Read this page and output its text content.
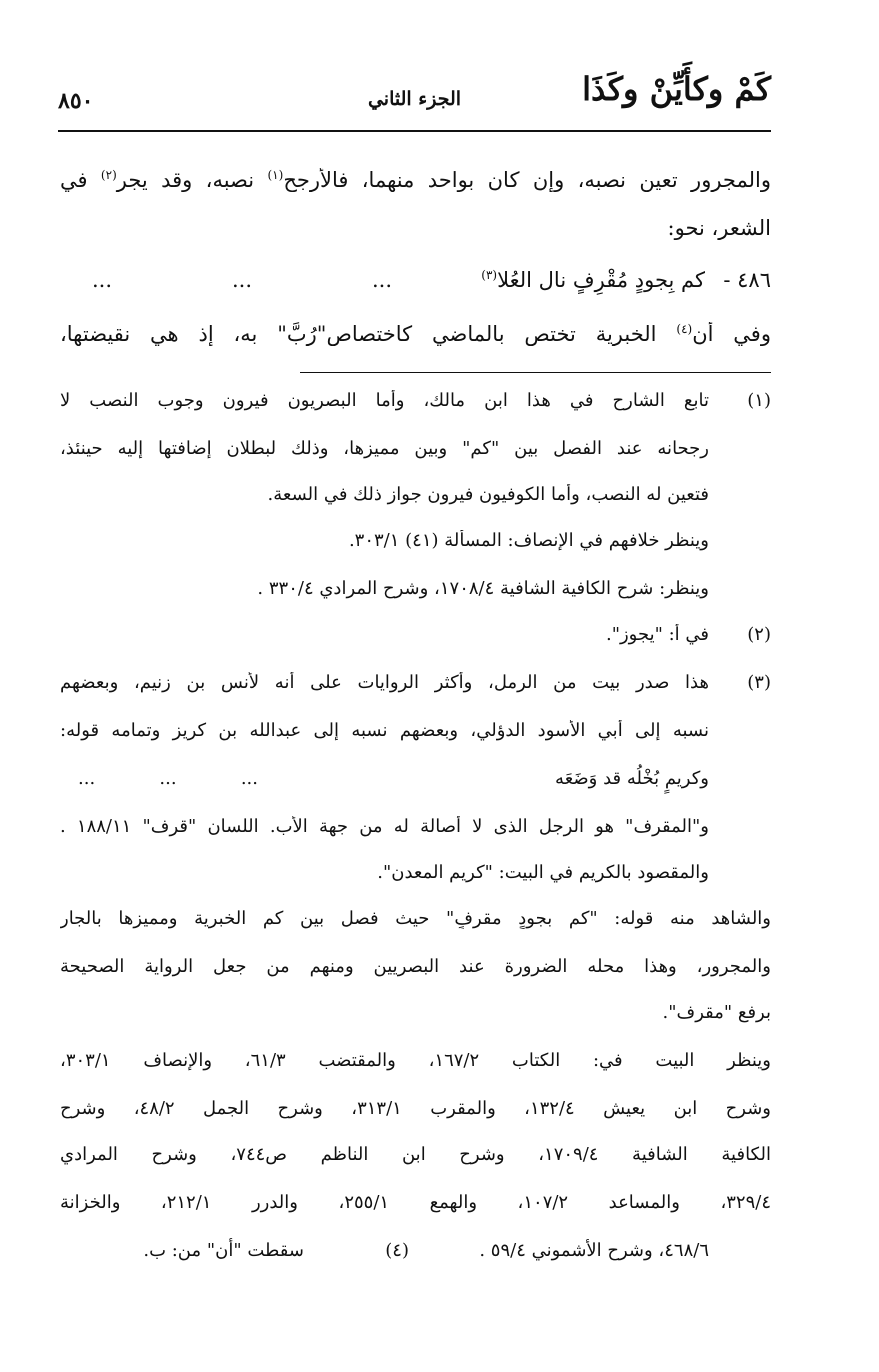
كَمْ وكأَيِّنْ وكَذَا
الجزء الثاني
٨٥٠
والمجرور تعين نصبه، وإن كان بواحد منهما، فالأرجح$^{(١)}$ نصبه، وقد يجر$^{(٢)}$ في
الشعر، نحو:
٤٨٦ -
كم بِجودٍ مُقْرِفٍ نال العُلا$^{(٣)}$
...	...	...
وفي أن$^{(٤)}$ الخبرية تختص بالماضي كاختصاص"رُبَّ" به، إذ هي نقيضتها،
(١)
تابع الشارح في هذا ابن مالك، وأما البصريون فيرون وجوب النصب لا
رجحانه عند الفصل بين "كم" وبين مميزها، وذلك لبطلان إضافتها إليه حينئذ،
فتعين له النصب، وأما الكوفيون فيرون جواز ذلك في السعة.
وينظر خلافهم في الإنصاف: المسألة (٤١) ٣٠٣/١.
وينظر: شرح الكافية الشافية ١٧٠٨/٤، وشرح المرادي ٣٣٠/٤ .
(٢)
في أ: "يجوز".
(٣)
هذا صدر بيت من الرمل، وأكثر الروايات على أنه لأنس بن زنيم، وبعضهم
نسبه إلى أبي الأسود الدؤلي، وبعضهم نسبه إلى عبدالله بن كريز وتمامه قوله:
...	...	...	وكريمٍ بُخْلُه قد وَضَعَه
و"المقرف" هو الرجل الذى لا أصالة له من جهة الأب. اللسان "قرف" ١٨٨/١١ .
والمقصود بالكريم في البيت: "كريم المعدن".
والشاهد منه قوله: "كم بجودٍ مقرفٍ" حيث فصل بين كم الخبرية ومميزها بالجار
والمجرور، وهذا محله الضرورة عند البصريين ومنهم من جعل الرواية الصحيحة
برفع "مقرف".
وينظر البيت في: الكتاب ١٦٧/٢، والمقتضب ٦١/٣، والإنصاف ٣٠٣/١،
وشرح ابن يعيش ١٣٢/٤، والمقرب ٣١٣/١، وشرح الجمل ٤٨/٢، وشرح
الكافية الشافية ١٧٠٩/٤، وشرح ابن الناظم ص٧٤٤، وشرح المرادي
٣٢٩/٤، والمساعد ١٠٧/٢، والهمع ٢٥٥/١، والدرر ٢١٢/١، والخزانة
٤٦٨/٦، وشرح الأشموني ٥٩/٤ .
(٤)
سقطت "أن" من: ب.
